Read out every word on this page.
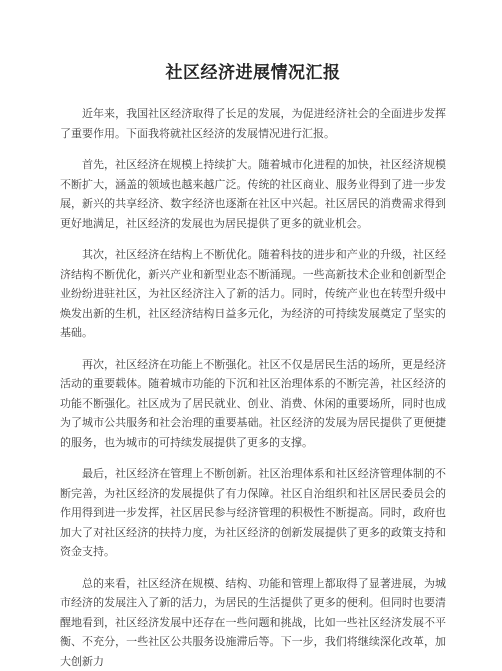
社区经济进展情况汇报

近年来，我国社区经济取得了长足的发展，为促进经济社会的全面进步发挥了重要作用。下面我将就社区经济的发展情况进行汇报。

首先，社区经济在规模上持续扩大。随着城市化进程的加快，社区经济规模不断扩大，涵盖的领域也越来越广泛。传统的社区商业、服务业得到了进一步发展，新兴的共享经济、数字经济也逐渐在社区中兴起。社区居民的消费需求得到更好地满足，社区经济的发展也为居民提供了更多的就业机会。

其次，社区经济在结构上不断优化。随着科技的进步和产业的升级，社区经济结构不断优化，新兴产业和新型业态不断涌现。一些高新技术企业和创新型企业纷纷进驻社区，为社区经济注入了新的活力。同时，传统产业也在转型升级中焕发出新的生机，社区经济结构日益多元化，为经济的可持续发展奠定了坚实的基础。

再次，社区经济在功能上不断强化。社区不仅是居民生活的场所，更是经济活动的重要载体。随着城市功能的下沉和社区治理体系的不断完善，社区经济的功能不断强化。社区成为了居民就业、创业、消费、休闲的重要场所，同时也成为了城市公共服务和社会治理的重要基础。社区经济的发展为居民提供了更便捷的服务，也为城市的可持续发展提供了更多的支撑。

最后，社区经济在管理上不断创新。社区治理体系和社区经济管理体制的不断完善，为社区经济的发展提供了有力保障。社区自治组织和社区居民委员会的作用得到进一步发挥，社区居民参与经济管理的积极性不断提高。同时，政府也加大了对社区经济的扶持力度，为社区经济的创新发展提供了更多的政策支持和资金支持。

总的来看，社区经济在规模、结构、功能和管理上都取得了显著进展，为城市经济的发展注入了新的活力，为居民的生活提供了更多的便利。但同时也要清醒地看到，社区经济发展中还存在一些问题和挑战，比如一些社区经济发展不平衡、不充分，一些社区公共服务设施滞后等。下一步，我们将继续深化改革，加大创新力
